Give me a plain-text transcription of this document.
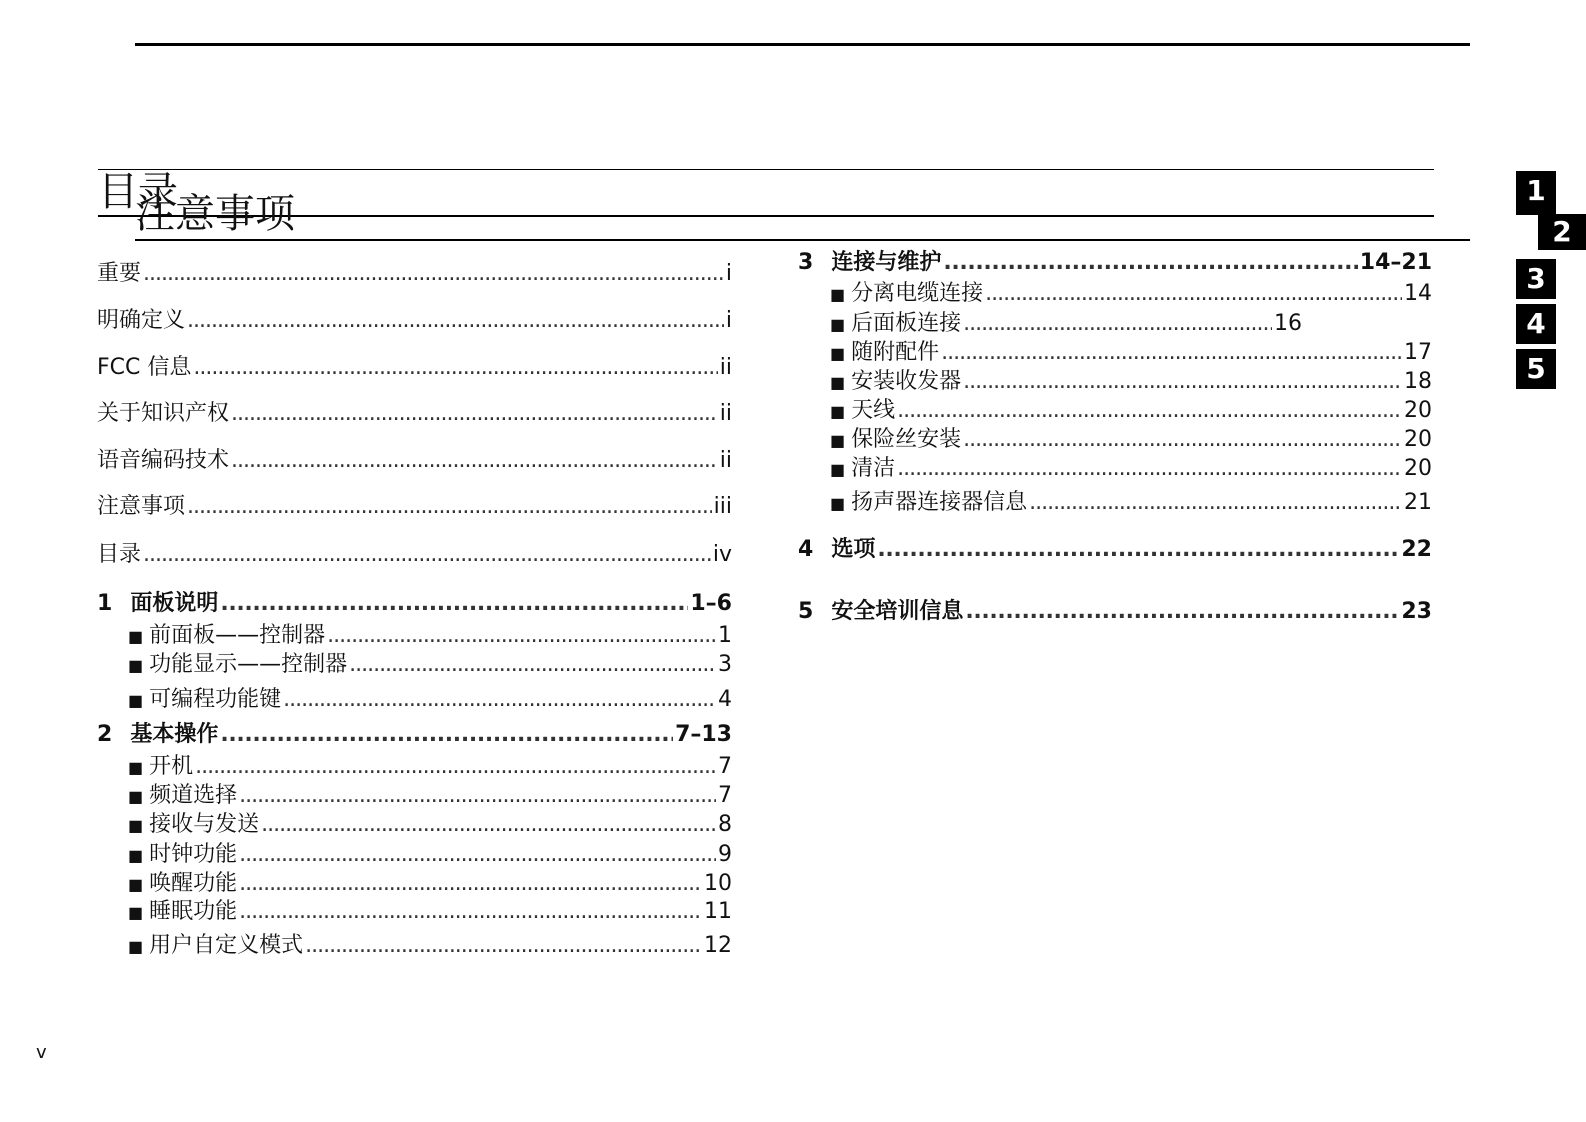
目录
注意事项
重要 . . .	i
明确定义 . . .	i
FCC 信息 . . .	ii
关于知识产权 . . .	ii
语音编码技术 . . .	ii
注意事项 . . .	iii
目录 . . .	iv
1 面板说明 . . .	1–6
■ 前面板——控制器 . . .	1
■ 功能显示——控制器 . . .	3
■ 可编程功能键 . . .	4
2 基本操作 . . .	7–13
■ 开机 . . .	7
■ 频道选择 . . .	7
■ 接收与发送 . . .	8
■ 时钟功能 . . .	9
■ 唤醒功能 . . .	10
■ 睡眠功能 . . .	11
■ 用户自定义模式 . . .	12
3 连接与维护 . . .	14–21
■ 分离电缆连接 . . .	14
■ 后面板连接 . . .	16
■ 随附配件 . . .	17
■ 安装收发器 . . .	18
■ 天线 . . .	20
■ 保险丝安装 . . .	20
■ 清洁 . . .	20
■ 扬声器连接器信息 . . .	21
4 选项 . . .	22
5 安全培训信息 . . .	23
1
2
3
4
5
v
